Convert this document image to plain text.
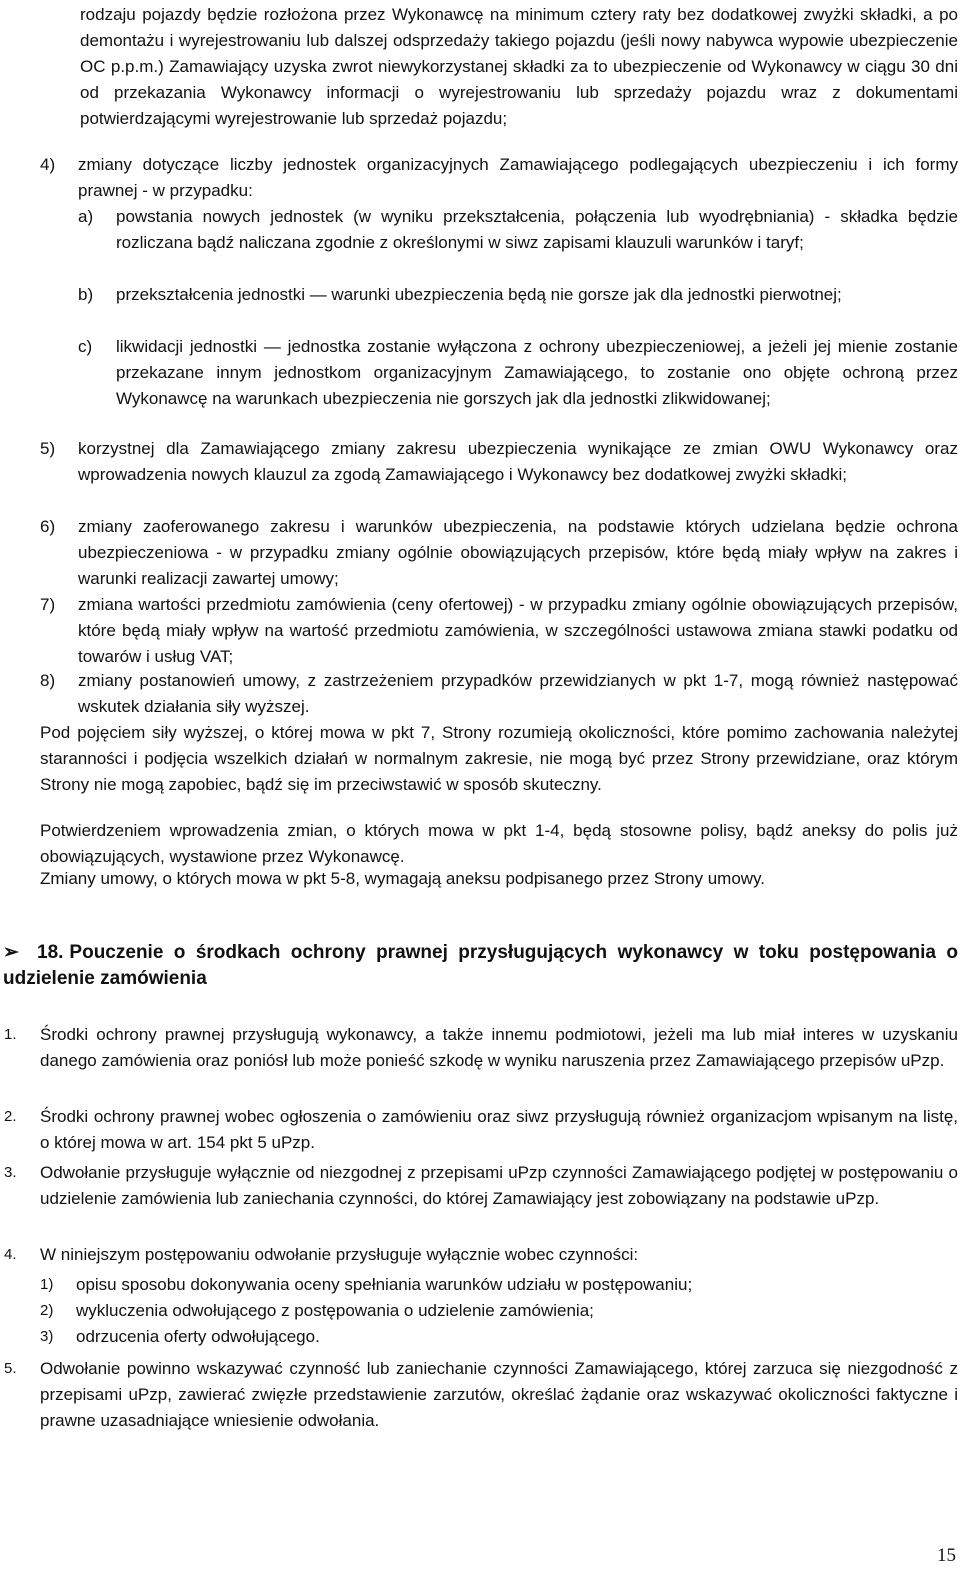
rodzaju pojazdy będzie rozłożona przez Wykonawcę na minimum cztery raty bez dodatkowej zwyżki składki, a po demontażu i wyrejestrowaniu lub dalszej odsprzedaży takiego pojazdu (jeśli nowy nabywca wypowie ubezpieczenie OC p.p.m.) Zamawiający uzyska zwrot niewykorzystanej składki za to ubezpieczenie od Wykonawcy w ciągu 30 dni od przekazania Wykonawcy informacji o wyrejestrowaniu lub sprzedaży pojazdu wraz z dokumentami potwierdzającymi wyrejestrowanie lub sprzedaż pojazdu;
4)	zmiany dotyczące liczby jednostek organizacyjnych Zamawiającego podlegających ubezpieczeniu i ich formy prawnej - w przypadku:
a)	powstania nowych jednostek (w wyniku przekształcenia, połączenia lub wyodrębniania) - składka będzie rozliczana bądź naliczana zgodnie z określonymi w siwz zapisami klauzuli warunków i taryf;
b)	przekształcenia jednostki — warunki ubezpieczenia będą nie gorsze jak dla jednostki pierwotnej;
c)	likwidacji jednostki — jednostka zostanie wyłączona z ochrony ubezpieczeniowej, a jeżeli jej mienie zostanie przekazane innym jednostkom organizacyjnym Zamawiającego, to zostanie ono objęte ochroną przez Wykonawcę na warunkach ubezpieczenia nie gorszych jak dla jednostki zlikwidowanej;
5)	korzystnej dla Zamawiającego zmiany zakresu ubezpieczenia wynikające ze zmian OWU Wykonawcy oraz wprowadzenia nowych klauzul za zgodą Zamawiającego i Wykonawcy bez dodatkowej zwyżki składki;
6)	zmiany zaoferowanego zakresu i warunków ubezpieczenia, na podstawie których udzielana będzie ochrona ubezpieczeniowa - w przypadku zmiany ogólnie obowiązujących przepisów, które będą miały wpływ na zakres i warunki realizacji zawartej umowy;
7)	zmiana wartości przedmiotu zamówienia (ceny ofertowej) - w przypadku zmiany ogólnie obowiązujących przepisów, które będą miały wpływ na wartość przedmiotu zamówienia, w szczególności ustawowa zmiana stawki podatku od towarów i usług VAT;
8)	zmiany postanowień umowy, z zastrzeżeniem przypadków przewidzianych w pkt 1-7, mogą również następować wskutek działania siły wyższej.
Pod pojęciem siły wyższej, o której mowa w pkt 7, Strony rozumieją okoliczności, które pomimo zachowania należytej staranności i podjęcia wszelkich działań w normalnym zakresie, nie mogą być przez Strony przewidziane, oraz którym Strony nie mogą zapobiec, bądź się im przeciwstawić w sposób skuteczny.
Potwierdzeniem wprowadzenia zmian, o których mowa w pkt 1-4, będą stosowne polisy, bądź aneksy do polis już obowiązujących, wystawione przez Wykonawcę.
Zmiany umowy, o których mowa w pkt 5-8, wymagają aneksu podpisanego przez Strony umowy.
➢ 18. Pouczenie o środkach ochrony prawnej przysługujących wykonawcy w toku postępowania o udzielenie zamówienia
1.	Środki ochrony prawnej przysługują wykonawcy, a także innemu podmiotowi, jeżeli ma lub miał interes w uzyskaniu danego zamówienia oraz poniósł lub może ponieść szkodę w wyniku naruszenia przez Zamawiającego przepisów uPzp.
2.	Środki ochrony prawnej wobec ogłoszenia o zamówieniu oraz siwz przysługują również organizacjom wpisanym na listę, o której mowa w art. 154 pkt 5 uPzp.
3.	Odwołanie przysługuje wyłącznie od niezgodnej z przepisami uPzp czynności Zamawiającego podjętej w postępowaniu o udzielenie zamówienia lub zaniechania czynności, do której Zamawiający jest zobowiązany na podstawie uPzp.
4.	W niniejszym postępowaniu odwołanie przysługuje wyłącznie wobec czynności:
1)	opisu sposobu dokonywania oceny spełniania warunków udziału w postępowaniu;
2)	wykluczenia odwołującego z postępowania o udzielenie zamówienia;
3)	odrzucenia oferty odwołującego.
5.	Odwołanie powinno wskazywać czynność lub zaniechanie czynności Zamawiającego, której zarzuca się niezgodność z przepisami uPzp, zawierać zwięzłe przedstawienie zarzutów, określać żądanie oraz wskazywać okoliczności faktyczne i prawne uzasadniające wniesienie odwołania.
15
